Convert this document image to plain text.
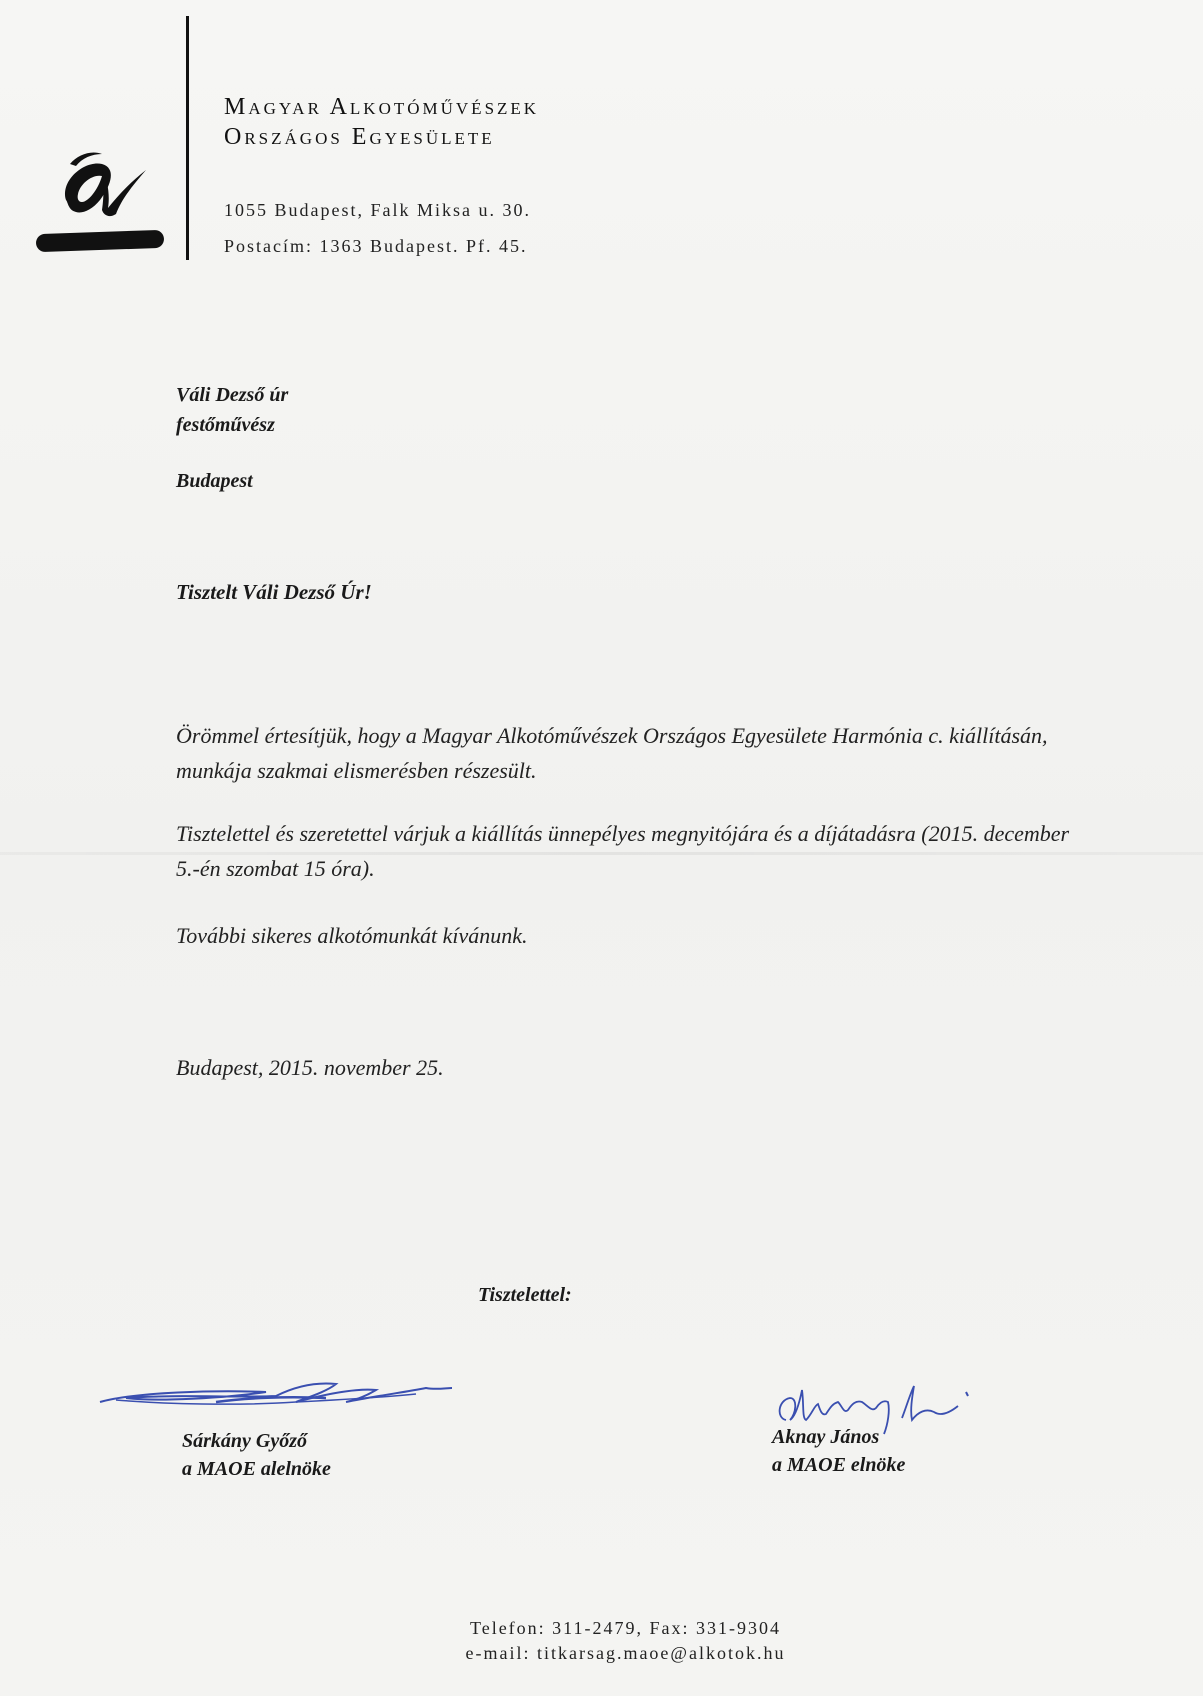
Magyar Alkotóművészek
Országos Egyesülete
1055 Budapest, Falk Miksa u. 30.
Postacím: 1363 Budapest. Pf. 45.
Váli Dezső úr
festőművész
Budapest
Tisztelt Váli Dezső Úr!
Örömmel értesítjük, hogy a Magyar Alkotóművészek Országos Egyesülete Harmónia c. kiállításán, munkája szakmai elismerésben részesült.
Tisztelettel és szeretettel várjuk a kiállítás ünnepélyes megnyitójára és a díjátadásra (2015. december 5.-én szombat 15 óra).
További sikeres alkotómunkát kívánunk.
Budapest, 2015. november 25.
Tisztelettel:
Sárkány Győző
a MAOE alelnöke
Aknay János
a MAOE elnöke
Telefon: 311-2479, Fax: 331-9304
e-mail: titkarsag.maoe@alkotok.hu
